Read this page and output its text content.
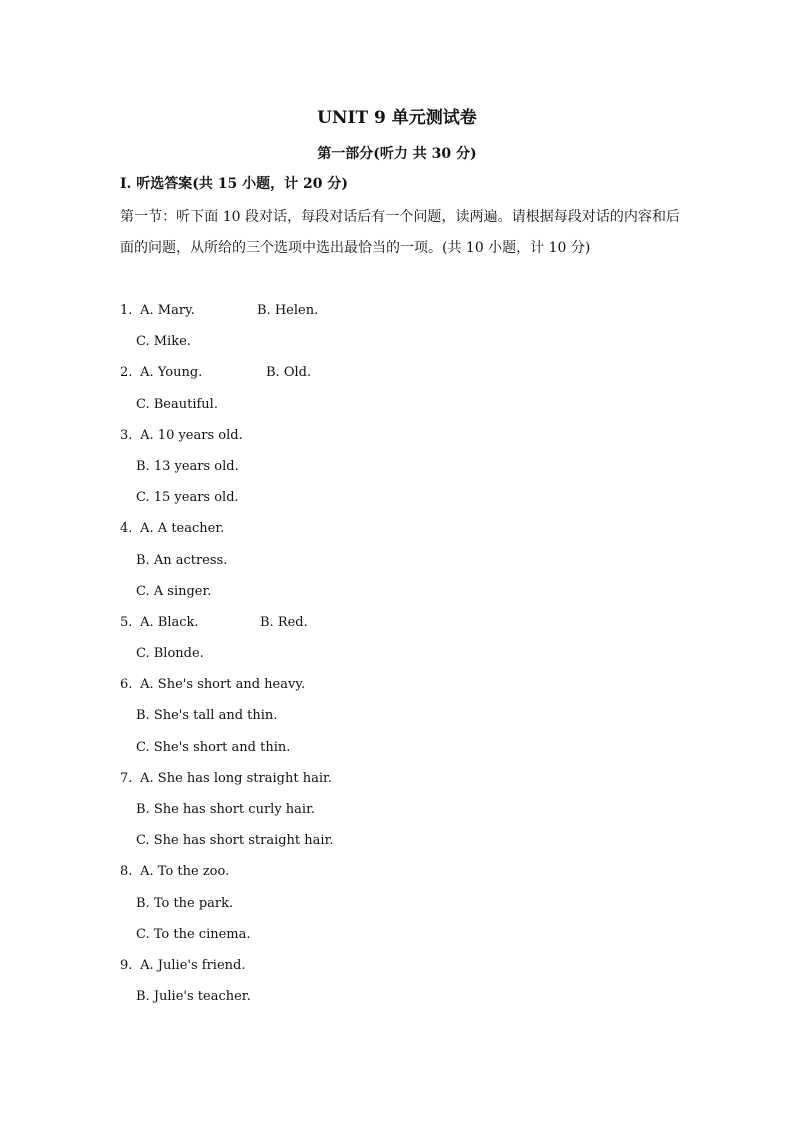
UNIT 9 单元测试卷
第一部分(听力 共 30 分)
Ⅰ. 听选答案(共 15 小题，计 20 分)
第一节：听下面 10 段对话，每段对话后有一个问题，读两遍。请根据每段对话的内容和后面的问题，从所给的三个选项中选出最恰当的一项。(共 10 小题，计 10 分)
1. A. Mary.	B. Helen.
C. Mike.
2. A. Young.	B. Old.
C. Beautiful.
3. A. 10 years old.
B. 13 years old.
C. 15 years old.
4. A. A teacher.
B. An actress.
C. A singer.
5. A. Black.	B. Red.
C. Blonde.
6. A. She's short and heavy.
B. She's tall and thin.
C. She's short and thin.
7. A. She has long straight hair.
B. She has short curly hair.
C. She has short straight hair.
8. A. To the zoo.
B. To the park.
C. To the cinema.
9. A. Julie's friend.
B. Julie's teacher.
